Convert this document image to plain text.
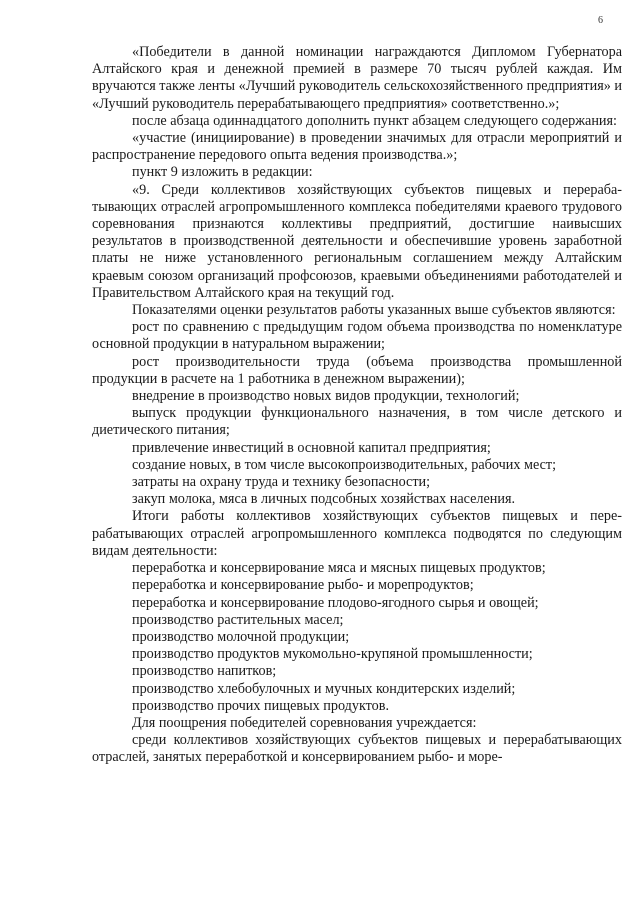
6

«Победители в данной номинации награждаются Дипломом Губернатора Алтайского края и денежной премией в размере 70 тысяч рублей каждая. Им вручаются также ленты «Лучший руководитель сельскохозяйственного предприятия» и «Лучший руководитель перерабатывающего предприятия» соответственно.»;

после абзаца одиннадцатого дополнить пункт абзацем следующего содержания:

«участие (инициирование) в проведении значимых для отрасли мероприятий и распространение передового опыта ведения производства.»;

пункт 9 изложить в редакции:

«9. Среди коллективов хозяйствующих субъектов пищевых и перерабатывающих отраслей агропромышленного комплекса победителями краевого трудового соревнования признаются коллективы предприятий, достигшие наивысших результатов в производственной деятельности и обеспечившие уровень заработной платы не ниже установленного региональным соглашением между Алтайским краевым союзом организаций профсоюзов, краевыми объединениями работодателей и Правительством Алтайского края на текущий год.

Показателями оценки результатов работы указанных выше субъектов являются:

рост по сравнению с предыдущим годом объема производства по номенклатуре основной продукции в натуральном выражении;

рост производительности труда (объема производства промышленной продукции в расчете на 1 работника в денежном выражении);

внедрение в производство новых видов продукции, технологий;

выпуск продукции функционального назначения, в том числе детского и диетического питания;

привлечение инвестиций в основной капитал предприятия;

создание новых, в том числе высокопроизводительных, рабочих мест;

затраты на охрану труда и технику безопасности;

закуп молока, мяса в личных подсобных хозяйствах населения.

Итоги работы коллективов хозяйствующих субъектов пищевых и перерабатывающих отраслей агропромышленного комплекса подводятся по следующим видам деятельности:

переработка и консервирование мяса и мясных пищевых продуктов;

переработка и консервирование рыбо- и морепродуктов;

переработка и консервирование плодово-ягодного сырья и овощей;

производство растительных масел;

производство молочной продукции;

производство продуктов мукомольно-крупяной промышленности;

производство напитков;

производство хлебобулочных и мучных кондитерских изделий;

производство прочих пищевых продуктов.

Для поощрения победителей соревнования учреждается:

среди коллективов хозяйствующих субъектов пищевых и перерабатывающих отраслей, занятых переработкой и консервированием рыбо- и море-
